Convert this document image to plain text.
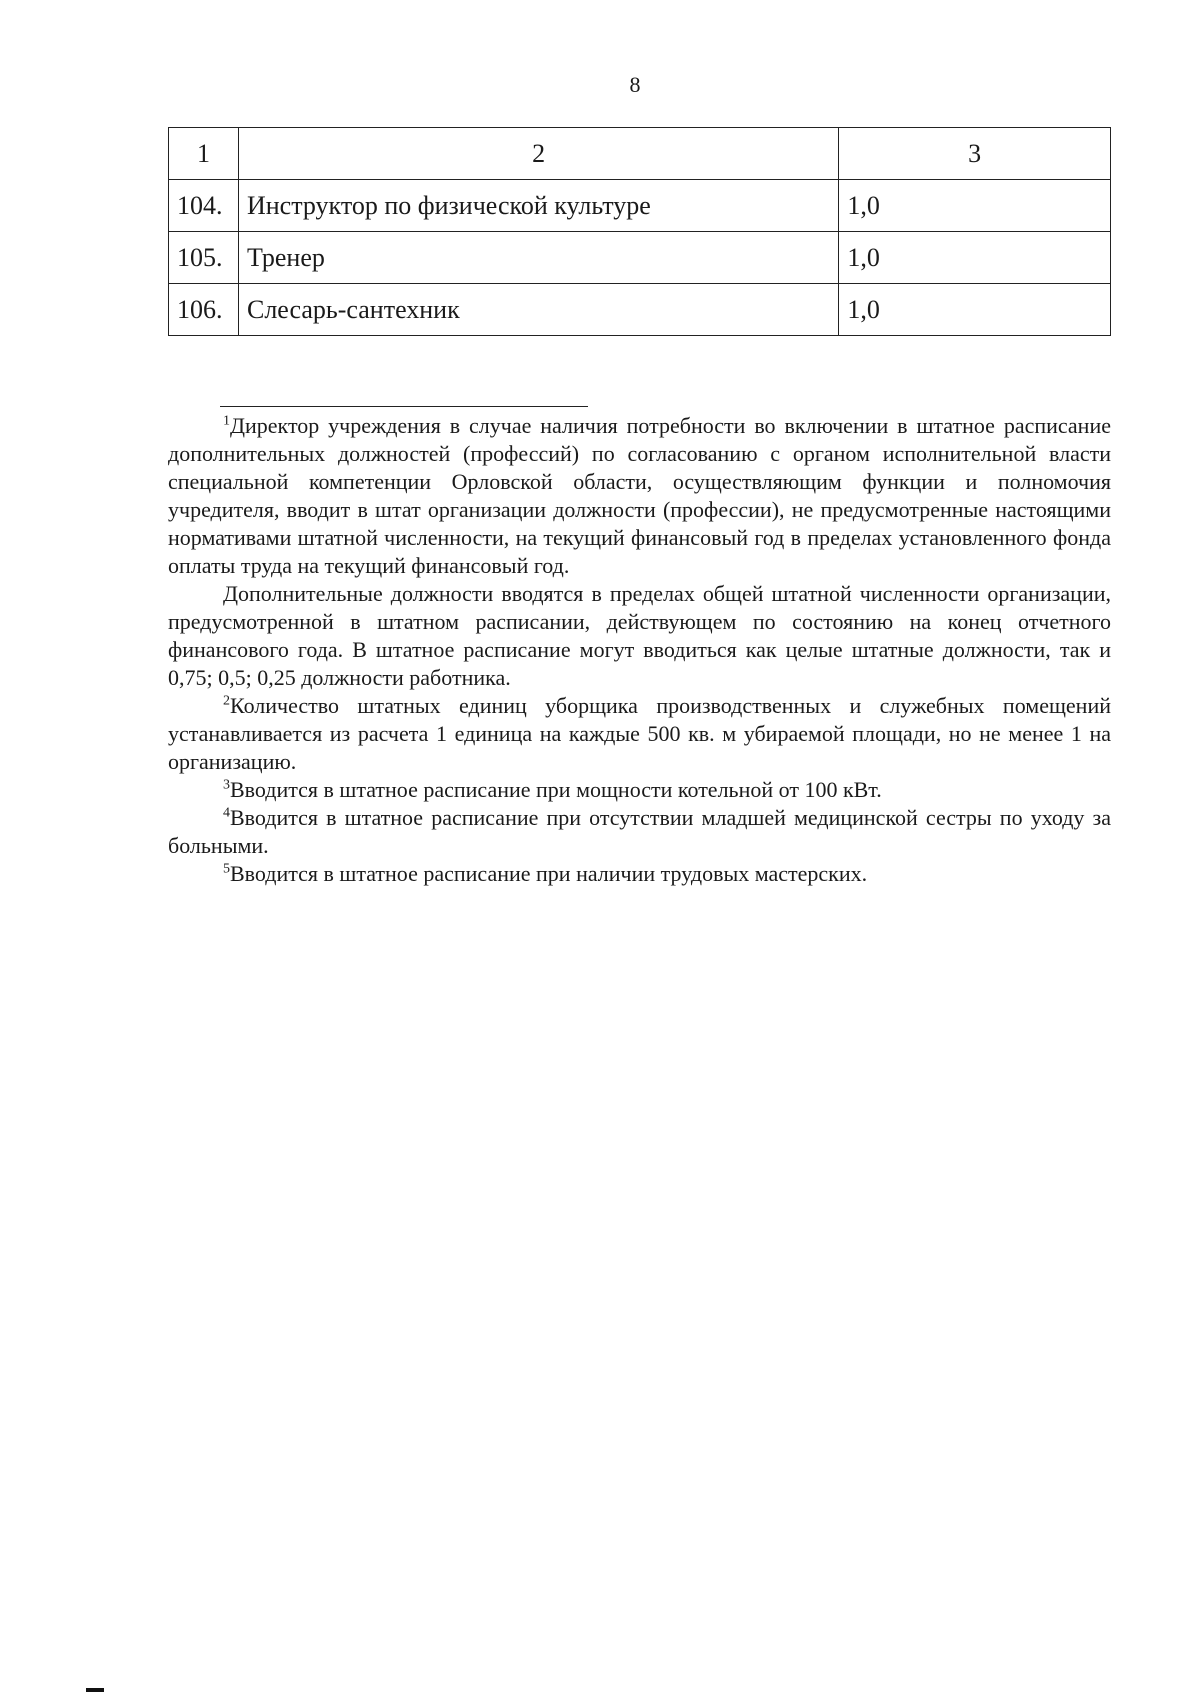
8
1	2	3
104.	Инструктор по физической культуре	1,0
105.	Тренер	1,0
106.	Слесарь-сантехник	1,0

$^1$Директор учреждения в случае наличия потребности во включении в штатное расписание дополнительных должностей (профессий) по согласованию с органом исполнительной власти специальной компетенции Орловской области, осуществляющим функции и полномочия учредителя, вводит в штат организации должности (профессии), не предусмотренные настоящими нормативами штатной численности, на текущий финансовый год в пределах установленного фонда оплаты труда на текущий финансовый год.

Дополнительные должности вводятся в пределах общей штатной численности организации, предусмотренной в штатном расписании, действующем по состоянию на конец отчетного финансового года. В штатное расписание могут вводиться как целые штатные должности, так и 0,75; 0,5; 0,25 должности работника.

$^2$Количество штатных единиц уборщика производственных и служебных помещений устанавливается из расчета 1 единица на каждые 500 кв. м убираемой площади, но не менее 1 на организацию.

$^3$Вводится в штатное расписание при мощности котельной от 100 кВт.

$^4$Вводится в штатное расписание при отсутствии младшей медицинской сестры по уходу за больными.

$^5$Вводится в штатное расписание при наличии трудовых мастерских.
